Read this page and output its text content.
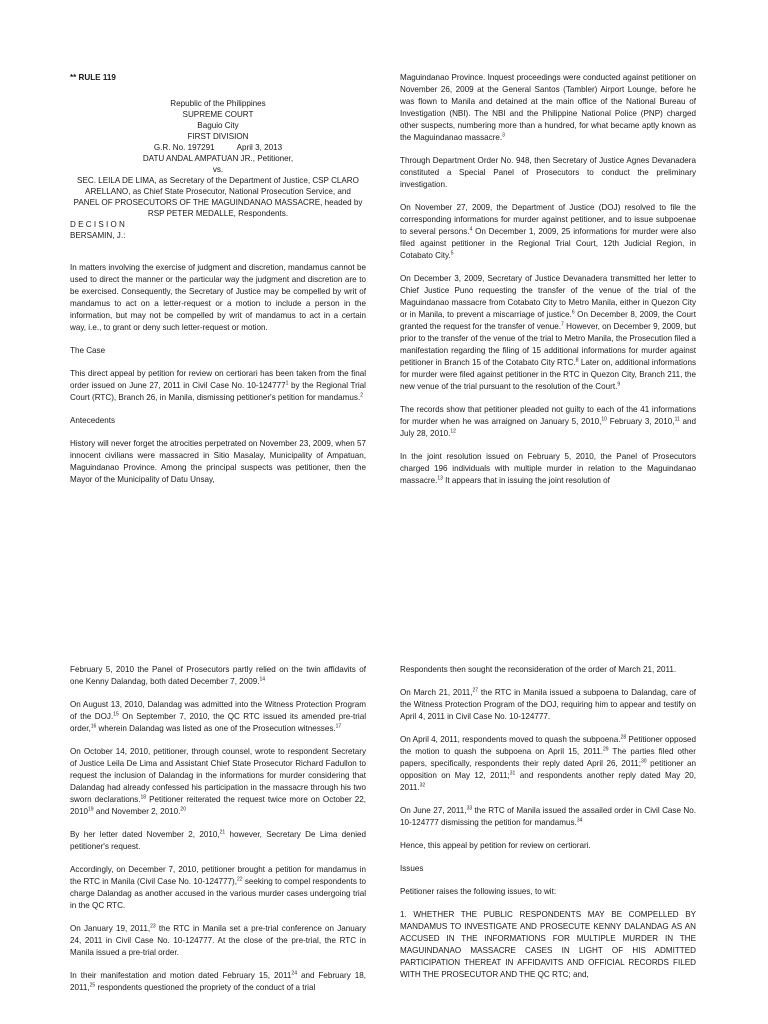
** RULE 119
Republic of the Philippines
SUPREME COURT
Baguio City
FIRST DIVISION
G.R. No. 197291          April 3, 2013
DATU ANDAL AMPATUAN JR., Petitioner,
vs.
SEC. LEILA DE LIMA, as Secretary of the Department of Justice, CSP CLARO
ARELLANO, as Chief State Prosecutor, National Prosecution Service, and
PANEL OF PROSECUTORS OF THE MAGUINDANAO MASSACRE, headed by
RSP PETER MEDALLE, Respondents.
D E C I S I O N
BERSAMIN, J.:

In matters involving the exercise of judgment and discretion, mandamus cannot be used to direct the manner or the particular way the judgment and discretion are to be exercised. Consequently, the Secretary of Justice may be compelled by writ of mandamus to act on a letter-request or a motion to include a person in the information, but may not be compelled by writ of mandamus to act in a certain way, i.e., to grant or deny such letter-request or motion.

The Case

This direct appeal by petition for review on certiorari has been taken from the final order issued on June 27, 2011 in Civil Case No. 10-124777$^1$ by the Regional Trial Court (RTC), Branch 26, in Manila, dismissing petitioner's petition for mandamus.$^2$

Antecedents

History will never forget the atrocities perpetrated on November 23, 2009, when 57 innocent civilians were massacred in Sitio Masalay, Municipality of Ampatuan, Maguindanao Province. Among the principal suspects was petitioner, then the Mayor of the Municipality of Datu Unsay,

Maguindanao Province. Inquest proceedings were conducted against petitioner on November 26, 2009 at the General Santos (Tambler) Airport Lounge, before he was flown to Manila and detained at the main office of the National Bureau of Investigation (NBI). The NBI and the Philippine National Police (PNP) charged other suspects, numbering more than a hundred, for what became aptly known as the Maguindanao massacre.$^3$

Through Department Order No. 948, then Secretary of Justice Agnes Devanadera constituted a Special Panel of Prosecutors to conduct the preliminary investigation.

On November 27, 2009, the Department of Justice (DOJ) resolved to file the corresponding informations for murder against petitioner, and to issue subpoenae to several persons.$^4$ On December 1, 2009, 25 informations for murder were also filed against petitioner in the Regional Trial Court, 12th Judicial Region, in Cotabato City.$^5$

On December 3, 2009, Secretary of Justice Devanadera transmitted her letter to Chief Justice Puno requesting the transfer of the venue of the trial of the Maguindanao massacre from Cotabato City to Metro Manila, either in Quezon City or in Manila, to prevent a miscarriage of justice.$^6$ On December 8, 2009, the Court granted the request for the transfer of venue.$^7$ However, on December 9, 2009, but prior to the transfer of the venue of the trial to Metro Manila, the Prosecution filed a manifestation regarding the filing of 15 additional informations for murder against petitioner in Branch 15 of the Cotabato City RTC.$^8$ Later on, additional informations for murder were filed against petitioner in the RTC in Quezon City, Branch 211, the new venue of the trial pursuant to the resolution of the Court.$^9$

The records show that petitioner pleaded not guilty to each of the 41 informations for murder when he was arraigned on January 5, 2010,10 February 3, 2010,11 and July 28, 2010.12

In the joint resolution issued on February 5, 2010, the Panel of Prosecutors charged 196 individuals with multiple murder in relation to the Maguindanao massacre.$^{13}$ It appears that in issuing the joint resolution of

February 5, 2010 the Panel of Prosecutors partly relied on the twin affidavits of one Kenny Dalandag, both dated December 7, 2009.14

On August 13, 2010, Dalandag was admitted into the Witness Protection Program of the DOJ.$^{15}$ On September 7, 2010, the QC RTC issued its amended pre-trial order,$^{16}$ wherein Dalandag was listed as one of the Prosecution witnesses.$^{17}$

On October 14, 2010, petitioner, through counsel, wrote to respondent Secretary of Justice Leila De Lima and Assistant Chief State Prosecutor Richard Fadullon to request the inclusion of Dalandag in the informations for murder considering that Dalandag had already confessed his participation in the massacre through his two sworn declarations.$^{18}$ Petitioner reiterated the request twice more on October 22, 2010$^{19}$ and November 2, 2010.20

By her letter dated November 2, 2010,21 however, Secretary De Lima denied petitioner's request.

Accordingly, on December 7, 2010, petitioner brought a petition for mandamus in the RTC in Manila (Civil Case No. 10-124777),$^{22}$ seeking to compel respondents to charge Dalandag as another accused in the various murder cases undergoing trial in the QC RTC.

On January 19, 2011,23 the RTC in Manila set a pre-trial conference on January 24, 2011 in Civil Case No. 10-124777. At the close of the pre-trial, the RTC in Manila issued a pre-trial order.

In their manifestation and motion dated February 15, 2011$^{24}$ and February 18, 2011,25 respondents questioned the propriety of the conduct of a trial

Respondents then sought the reconsideration of the order of March 21, 2011.

On March 21, 2011,27 the RTC in Manila issued a subpoena to Dalandag, care of the Witness Protection Program of the DOJ, requiring him to appear and testify on April 4, 2011 in Civil Case No. 10-124777.

On April 4, 2011, respondents moved to quash the subpoena.$^{28}$ Petitioner opposed the motion to quash the subpoena on April 15, 2011.29 The parties filed other papers, specifically, respondents their reply dated April 26, 2011;$^{30}$ petitioner an opposition on May 12, 2011;$^{31}$ and respondents another reply dated May 20, 2011.32

On June 27, 2011,33 the RTC of Manila issued the assailed order in Civil Case No. 10-124777 dismissing the petition for mandamus.$^{34}$

Hence, this appeal by petition for review on certiorari.

Issues

Petitioner raises the following issues, to wit:

1. WHETHER THE PUBLIC RESPONDENTS MAY BE COMPELLED BY MANDAMUS TO INVESTIGATE AND PROSECUTE KENNY DALANDAG AS AN ACCUSED IN THE INFORMATIONS FOR MULTIPLE MURDER IN THE MAGUINDANAO MASSACRE CASES IN LIGHT OF HIS ADMITTED PARTICIPATION THEREAT IN AFFIDAVITS AND OFFICIAL RECORDS FILED WITH THE PROSECUTOR AND THE QC RTC; and,
